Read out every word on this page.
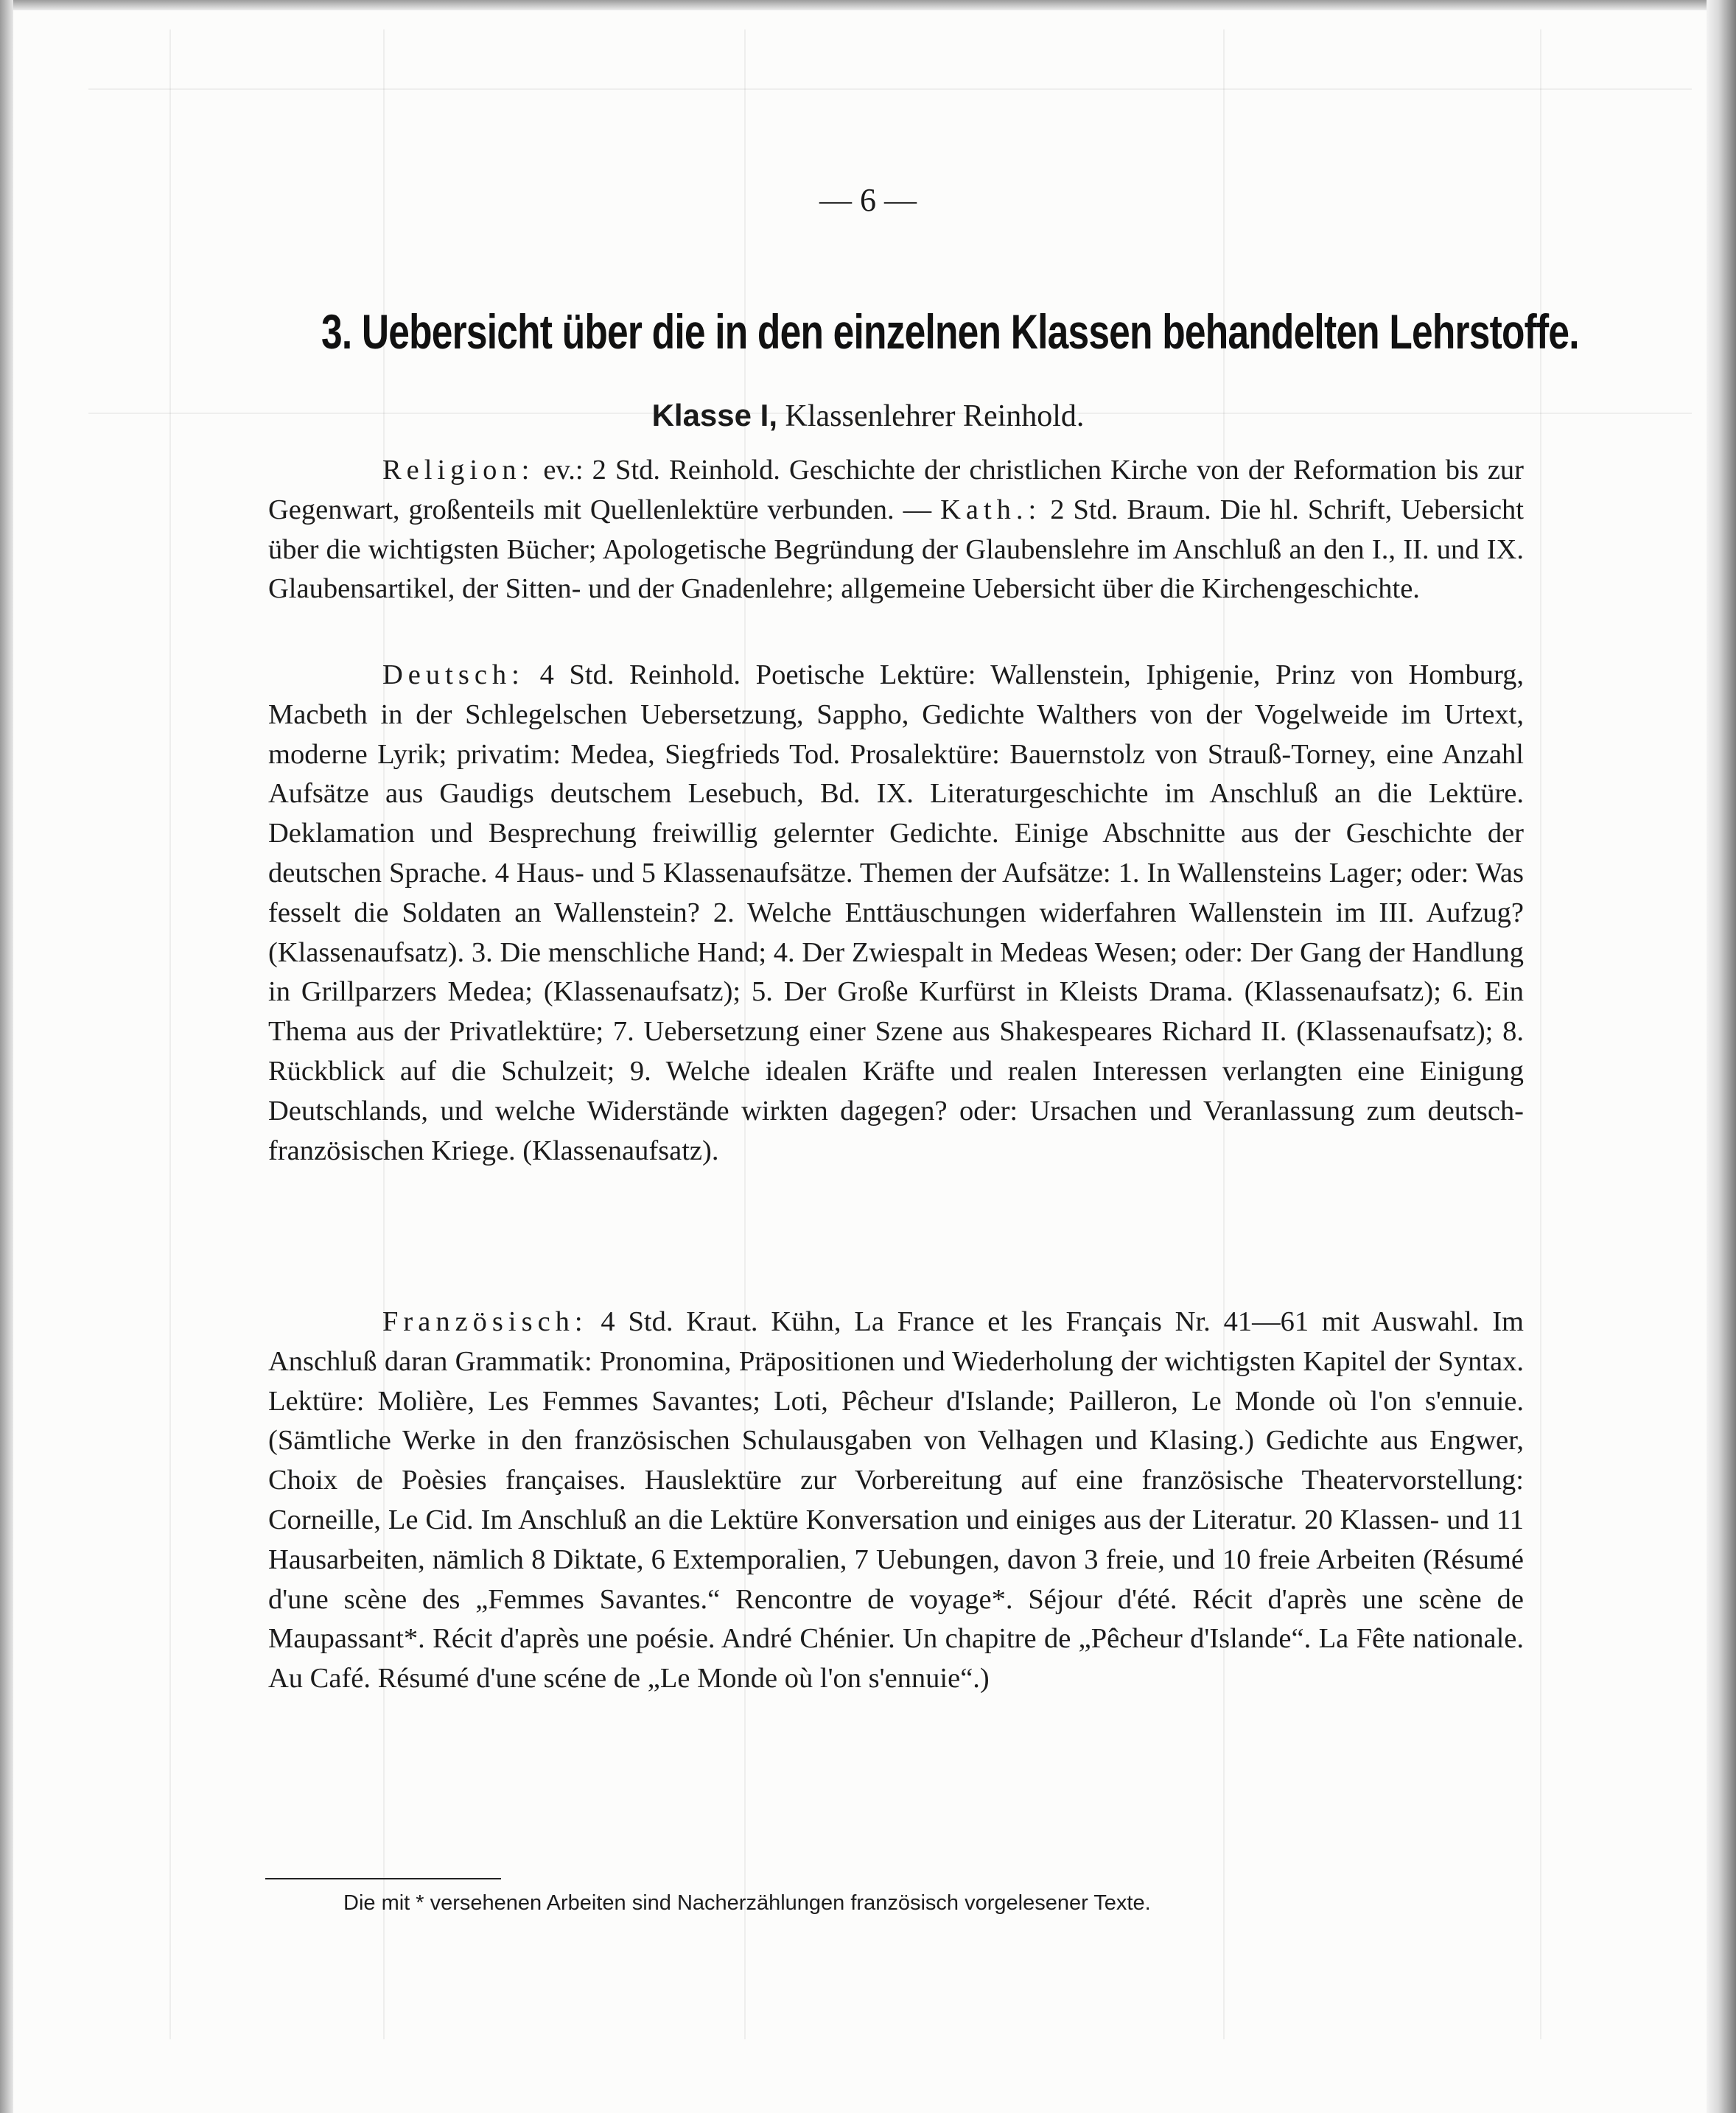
— 6 —
3. Uebersicht über die in den einzelnen Klassen behandelten Lehrstoffe.
Klasse I, Klassenlehrer Reinhold.

Religion: ev.: 2 Std. Reinhold. Geschichte der christlichen Kirche von der Reformation bis zur Gegenwart, großenteils mit Quellenlektüre verbunden. — Kath.: 2 Std. Braum. Die hl. Schrift, Uebersicht über die wichtigsten Bücher; Apologetische Begründung der Glaubenslehre im Anschluß an den I., II. und IX. Glaubensartikel, der Sitten- und der Gnadenlehre; allgemeine Uebersicht über die Kirchengeschichte.

Deutsch: 4 Std. Reinhold. Poetische Lektüre: Wallenstein, Iphigenie, Prinz von Homburg, Macbeth in der Schlegelschen Uebersetzung, Sappho, Gedichte Walthers von der Vogelweide im Urtext, moderne Lyrik; privatim: Medea, Siegfrieds Tod. Prosalektüre: Bauernstolz von Strauß-Torney, eine Anzahl Aufsätze aus Gaudigs deutschem Lesebuch, Bd. IX. Literaturgeschichte im Anschluß an die Lektüre. Deklamation und Besprechung freiwillig gelernter Gedichte. Einige Abschnitte aus der Geschichte der deutschen Sprache. 4 Haus- und 5 Klassenaufsätze. Themen der Aufsätze: 1. In Wallensteins Lager; oder: Was fesselt die Soldaten an Wallenstein? 2. Welche Enttäuschungen widerfahren Wallenstein im III. Aufzug? (Klassenaufsatz). 3. Die menschliche Hand; 4. Der Zwiespalt in Medeas Wesen; oder: Der Gang der Handlung in Grillparzers Medea; (Klassenaufsatz); 5. Der Große Kurfürst in Kleists Drama. (Klassenaufsatz); 6. Ein Thema aus der Privatlektüre; 7. Uebersetzung einer Szene aus Shakespeares Richard II. (Klassenaufsatz); 8. Rückblick auf die Schulzeit; 9. Welche idealen Kräfte und realen Interessen verlangten eine Einigung Deutschlands, und welche Widerstände wirkten dagegen? oder: Ursachen und Veranlassung zum deutsch-französischen Kriege. (Klassenaufsatz).

Französisch: 4 Std. Kraut. Kühn, La France et les Français Nr. 41—61 mit Auswahl. Im Anschluß daran Grammatik: Pronomina, Präpositionen und Wiederholung der wichtigsten Kapitel der Syntax. Lektüre: Molière, Les Femmes Savantes; Loti, Pêcheur d'Islande; Pailleron, Le Monde où l'on s'ennuie. (Sämtliche Werke in den französischen Schulausgaben von Velhagen und Klasing.) Gedichte aus Engwer, Choix de Poèsies françaises. Hauslektüre zur Vorbereitung auf eine französische Theatervorstellung: Corneille, Le Cid. Im Anschluß an die Lektüre Konversation und einiges aus der Literatur. 20 Klassen- und 11 Hausarbeiten, nämlich 8 Diktate, 6 Extemporalien, 7 Uebungen, davon 3 freie, und 10 freie Arbeiten (Résumé d'une scène des „Femmes Savantes.“ Rencontre de voyage*. Séjour d'été. Récit d'après une scène de Maupassant*. Récit d'après une poésie. André Chénier. Un chapitre de „Pêcheur d'Islande“. La Fête nationale. Au Café. Résumé d'une scéne de „Le Monde où l'on s'ennuie“.)

Die mit * versehenen Arbeiten sind Nacherzählungen französisch vorgelesener Texte.
